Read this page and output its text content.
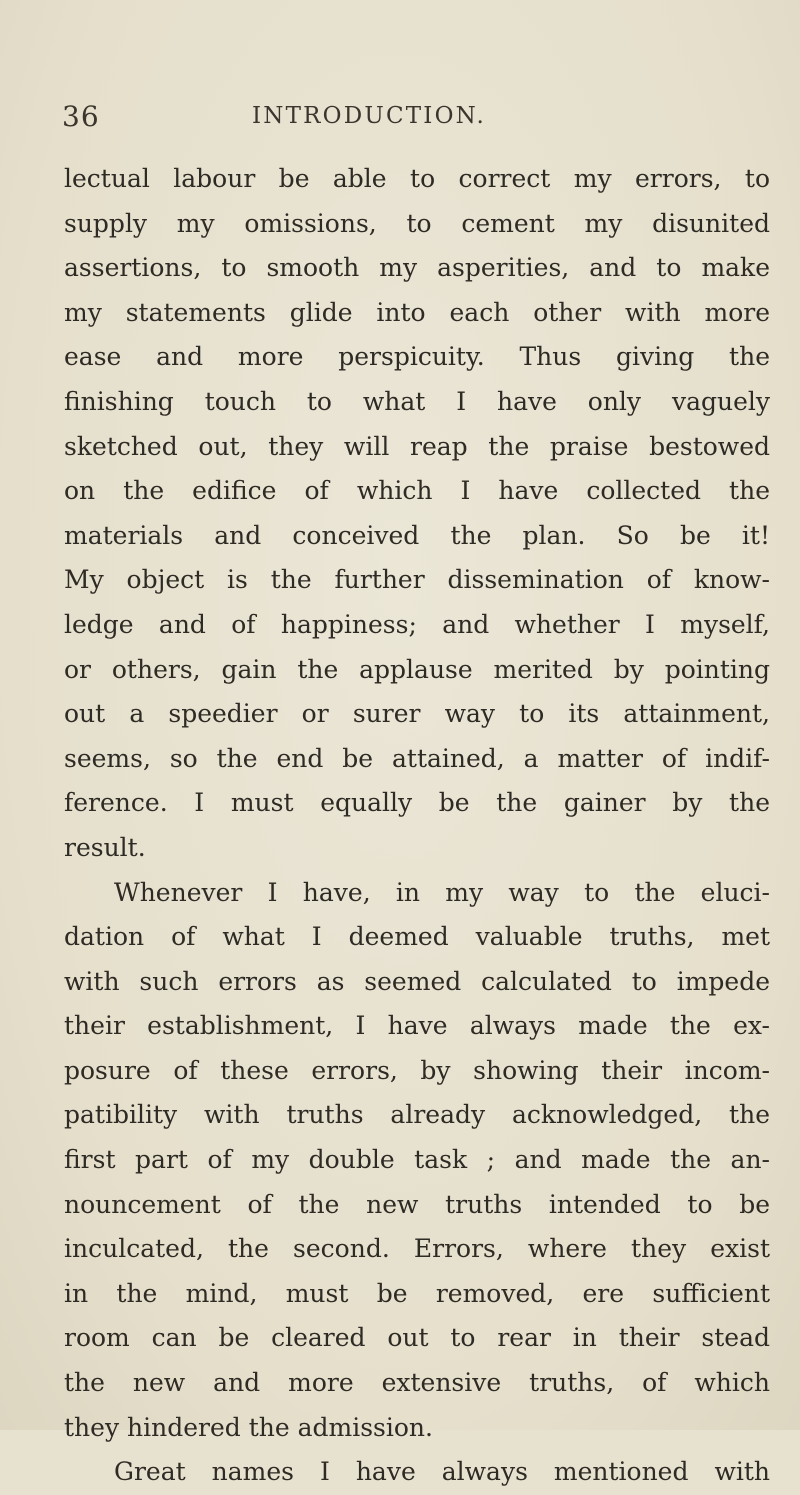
36	INTRODUCTION.
lectual labour be able to correct my errors, to
supply my omissions, to cement my disunited
assertions, to smooth my asperities, and to make
my statements glide into each other with more
ease and more perspicuity. Thus giving the
finishing touch to what I have only vaguely
sketched out, they will reap the praise bestowed
on the edifice of which I have collected the
materials and conceived the plan. So be it!
My object is the further dissemination of know-
ledge and of happiness; and whether I myself,
or others, gain the applause merited by pointing
out a speedier or surer way to its attainment,
seems, so the end be attained, a matter of indif-
ference. I must equally be the gainer by the
result.
Whenever I have, in my way to the eluci-
dation of what I deemed valuable truths, met
with such errors as seemed calculated to impede
their establishment, I have always made the ex-
posure of these errors, by showing their incom-
patibility with truths already acknowledged, the
first part of my double task ; and made the an-
nouncement of the new truths intended to be
inculcated, the second. Errors, where they exist
in the mind, must be removed, ere sufficient
room can be cleared out to rear in their stead
the new and more extensive truths, of which
they hindered the admission.
Great names I have always mentioned with
